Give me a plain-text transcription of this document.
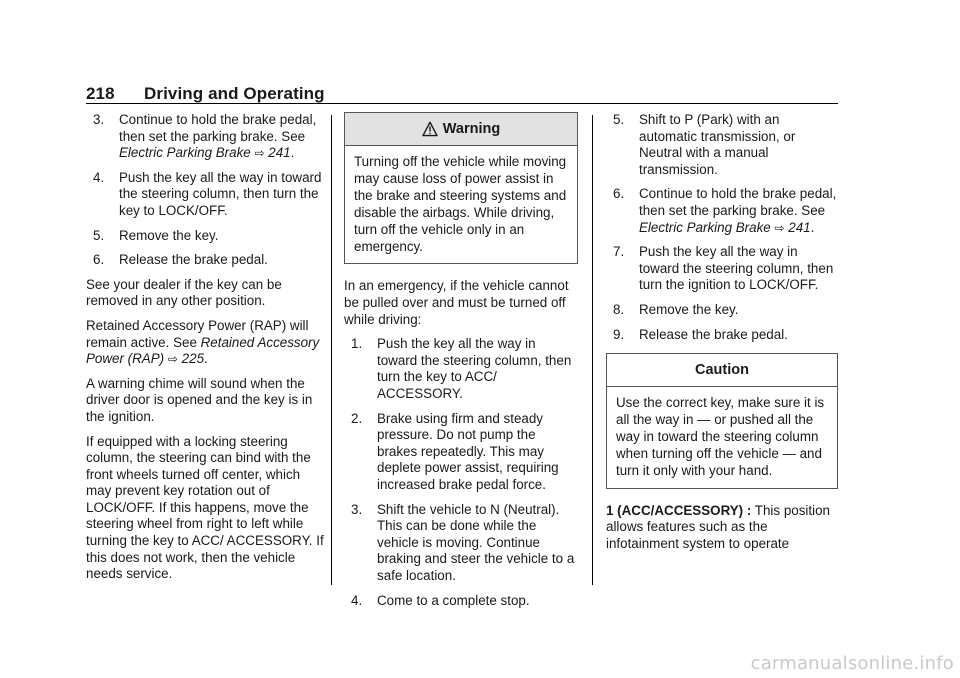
218 Driving and Operating
3. Continue to hold the brake pedal, then set the parking brake. See Electric Parking Brake ⇨ 241.
4. Push the key all the way in toward the steering column, then turn the key to LOCK/OFF.
5. Remove the key.
6. Release the brake pedal.

See your dealer if the key can be removed in any other position.

Retained Accessory Power (RAP) will remain active. See Retained Accessory Power (RAP) ⇨ 225.

A warning chime will sound when the driver door is opened and the key is in the ignition.

If equipped with a locking steering column, the steering can bind with the front wheels turned off center, which may prevent key rotation out of LOCK/OFF. If this happens, move the steering wheel from right to left while turning the key to ACC/ ACCESSORY. If this does not work, then the vehicle needs service.

Warning
Turning off the vehicle while moving may cause loss of power assist in the brake and steering systems and disable the airbags. While driving, turn off the vehicle only in an emergency.

In an emergency, if the vehicle cannot be pulled over and must be turned off while driving:

1. Push the key all the way in toward the steering column, then turn the key to ACC/ ACCESSORY.
2. Brake using firm and steady pressure. Do not pump the brakes repeatedly. This may deplete power assist, requiring increased brake pedal force.
3. Shift the vehicle to N (Neutral). This can be done while the vehicle is moving. Continue braking and steer the vehicle to a safe location.
4. Come to a complete stop.
5. Shift to P (Park) with an automatic transmission, or Neutral with a manual transmission.
6. Continue to hold the brake pedal, then set the parking brake. See Electric Parking Brake ⇨ 241.
7. Push the key all the way in toward the steering column, then turn the ignition to LOCK/OFF.
8. Remove the key.
9. Release the brake pedal.
Caution
Use the correct key, make sure it is all the way in — or pushed all the way in toward the steering column when turning off the vehicle — and turn it only with your hand.

1 (ACC/ACCESSORY) : This position allows features such as the infotainment system to operate

carmanualsonline.info
